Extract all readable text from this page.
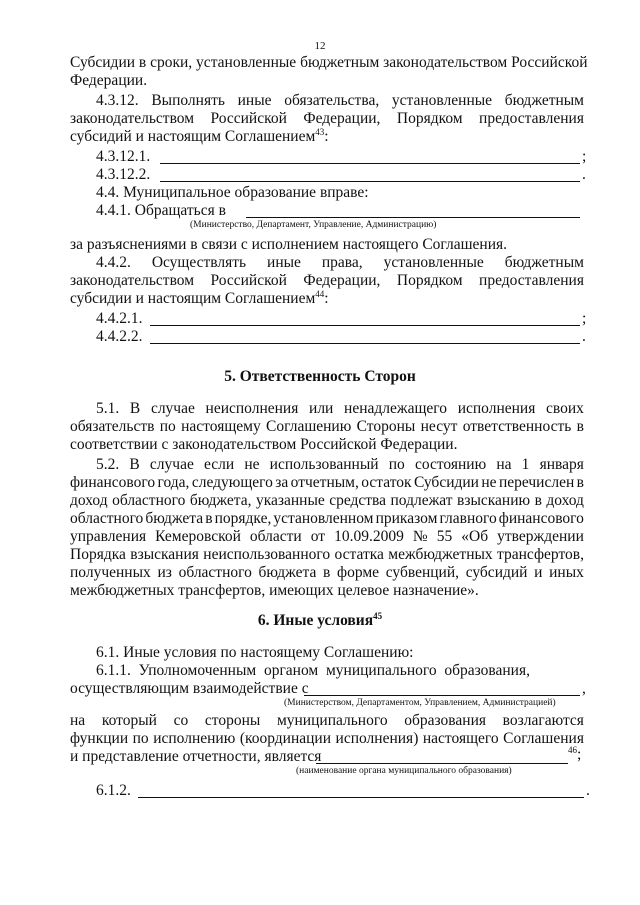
12
Субсидии в сроки, установленные бюджетным законодательством Российской
Федерации.
4.3.12. Выполнять иные обязательства, установленные бюджетным
законодательством Российской Федерации, Порядком предоставления
субсидий и настоящим Соглашением$^{43}$:
4.3.12.1.	;
4.3.12.2.	.
4.4. Муниципальное образование вправе:
4.4.1. Обращаться в
(Министерство, Департамент, Управление, Администрацию)
за разъяснениями в связи с исполнением настоящего Соглашения.
4.4.2. Осуществлять иные права, установленные бюджетным
законодательством Российской Федерации, Порядком предоставления
субсидии и настоящим Соглашением$^{44}$:
4.4.2.1.	;
4.4.2.2.	.
5. Ответственность Сторон
5.1. В случае неисполнения или ненадлежащего исполнения своих
обязательств по настоящему Соглашению Стороны несут ответственность в
соответствии с законодательством Российской Федерации.
5.2. В случае если не использованный по состоянию на 1 января
финансового года, следующего за отчетным, остаток Субсидии не перечислен в
доход областного бюджета, указанные средства подлежат взысканию в доход
областного бюджета в порядке, установленном приказом главного финансового
управления Кемеровской области от 10.09.2009 № 55 «Об утверждении
Порядка взыскания неиспользованного остатка межбюджетных трансфертов,
полученных из областного бюджета в форме субвенций, субсидий и иных
межбюджетных трансфертов, имеющих целевое назначение».
6. Иные условия$^{45}$
6.1. Иные условия по настоящему Соглашению:
6.1.1. Уполномоченным органом муниципального образования,
осуществляющим взаимодействие с	,
(Министерством, Департаментом, Управлением, Администрацией)
на который со стороны муниципального образования возлагаются
функции по исполнению (координации исполнения) настоящего Соглашения
и представление отчетности, является	$^{46}$;
(наименование органа муниципального образования)
6.1.2.	.
